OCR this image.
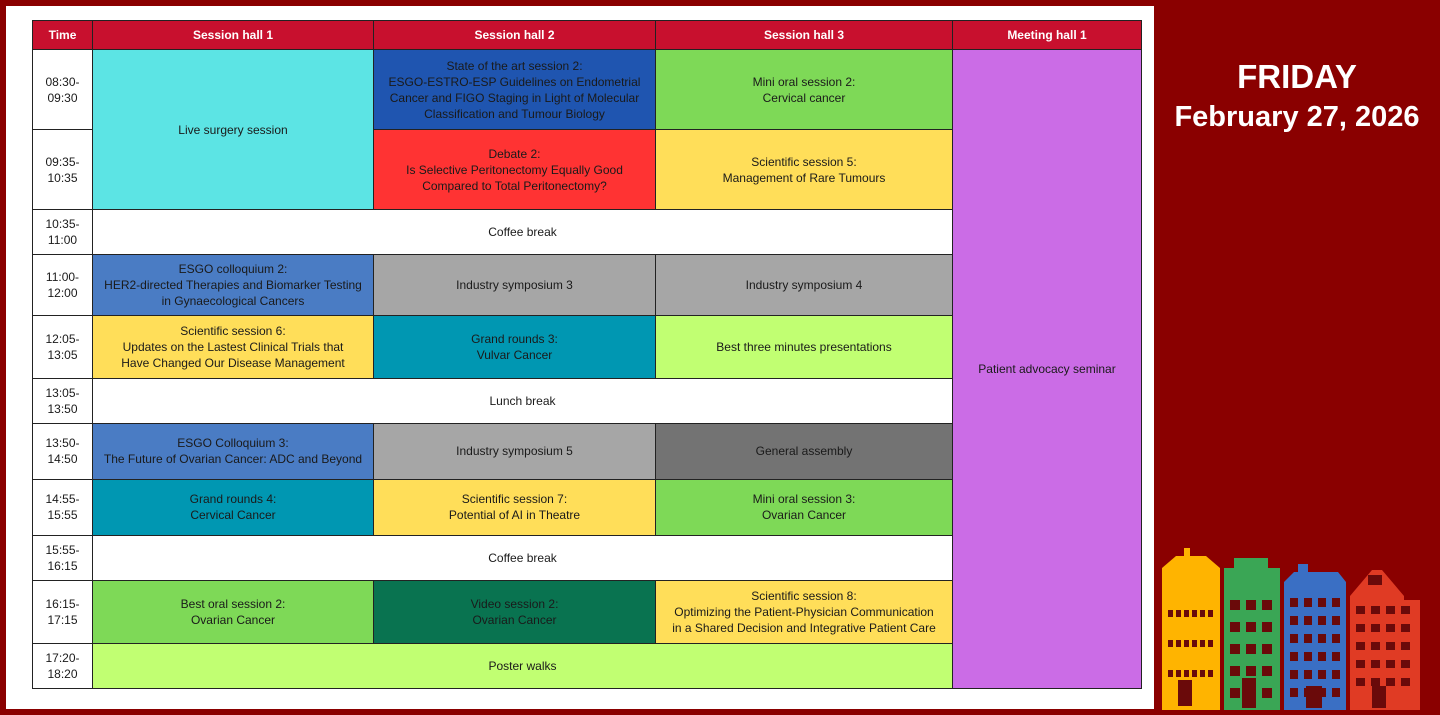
Time	Session hall 1	Session hall 2	Session hall 3	Meeting hall 1	

08:30-
09:30	Live surgery session	State of the art session 2:
ESGO-ESTRO-ESP Guidelines on Endometrial
Cancer and FIGO Staging in Light of Molecular
Classification and Tumour Biology	Mini oral session 2:
Cervical cancer	Patient advocacy seminar	

09:35-
10:35		Debate 2:
Is Selective Peritonectomy Equally Good
Compared to Total Peritonectomy?	Scientific session 5:
Management of Rare Tumours		

10:35-
11:00	Coffee break				

11:00-
12:00	ESGO colloquium 2:
HER2-directed Therapies and Biomarker Testing
in Gynaecological Cancers	Industry symposium 3	Industry symposium 4		

12:05-
13:05	Scientific session 6:
Updates on the Lastest Clinical Trials that
Have Changed Our Disease Management	Grand rounds 3:
Vulvar Cancer	Best three minutes presentations		

13:05-
13:50	Lunch break				

13:50-
14:50	ESGO Colloquium 3:
The Future of Ovarian Cancer: ADC and Beyond	Industry symposium 5	General assembly		

14:55-
15:55	Grand rounds 4:
Cervical Cancer	Scientific session 7:
Potential of AI in Theatre	Mini oral session 3:
Ovarian Cancer		

15:55-
16:15	Coffee break				

16:15-
17:15	Best oral session 2:
Ovarian Cancer	Video session 2:
Ovarian Cancer	Scientific session 8:
Optimizing the Patient-Physician Communication
in a Shared Decision and Integrative Patient Care		

17:20-
18:20	Poster walks				

FRIDAY
February 27, 2026
